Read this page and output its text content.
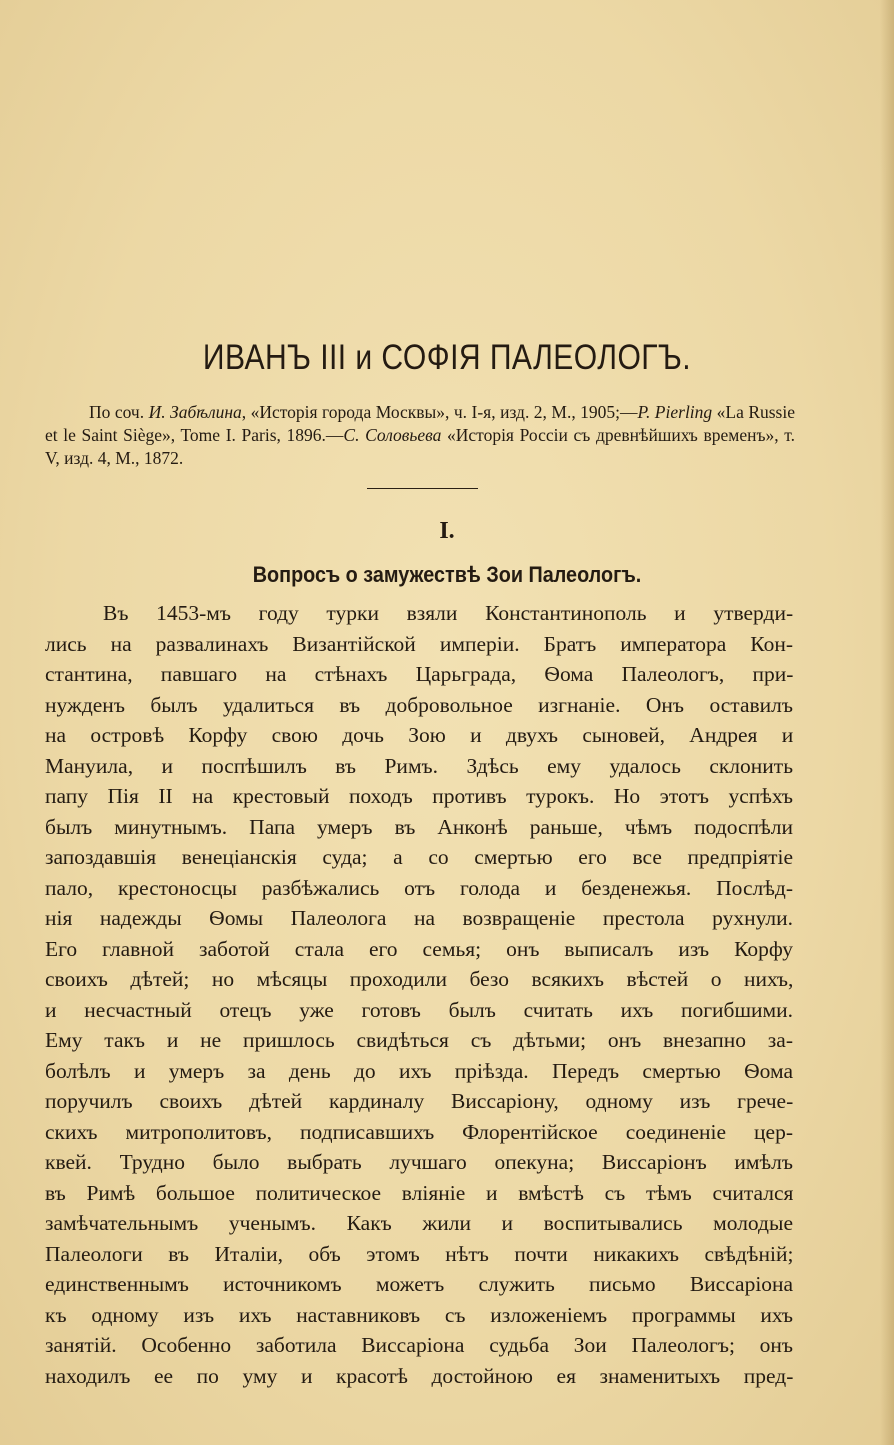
ИВАНЪ III и СОФІЯ ПАЛЕОЛОГЪ.

По соч. И. Забѣлина, «Исторія города Москвы», ч. I-я, изд. 2, М., 1905;—P. Pierling «La Russie et le Saint Siège», Tome I. Paris, 1896.—С. Соловьева «Исторія Россіи съ древнѣйшихъ временъ», т. V, изд. 4, М., 1872.

I.
Вопросъ о замужествѣ Зои Палеологъ.
Въ 1453-мъ году турки взяли Константинополь и утверди-
лись на развалинахъ Византійской имперіи. Братъ императора Кон-
стантина, павшаго на стѣнахъ Царьграда, Ѳома Палеологъ, при-
нужденъ былъ удалиться въ добровольное изгнаніе. Онъ оставилъ
на островѣ Корфу свою дочь Зою и двухъ сыновей, Андрея и
Мануила, и поспѣшилъ въ Римъ. Здѣсь ему удалось склонить
папу Пія II на крестовый походъ противъ турокъ. Но этотъ успѣхъ
былъ минутнымъ. Папа умеръ въ Анконѣ раньше, чѣмъ подоспѣли
запоздавшія венеціанскія суда; а со смертью его все предпріятіе
пало, крестоносцы разбѣжались отъ голода и безденежья. Послѣд-
нія надежды Ѳомы Палеолога на возвращеніе престола рухнули.
Его главной заботой стала его семья; онъ выписалъ изъ Корфу
своихъ дѣтей; но мѣсяцы проходили безо всякихъ вѣстей о нихъ,
и несчастный отецъ уже готовъ былъ считать ихъ погибшими.
Ему такъ и не пришлось свидѣться съ дѣтьми; онъ внезапно за-
болѣлъ и умеръ за день до ихъ пріѣзда. Передъ смертью Ѳома
поручилъ своихъ дѣтей кардиналу Виссаріону, одному изъ грече-
скихъ митрополитовъ, подписавшихъ Флорентійское соединеніе цер-
квей. Трудно было выбрать лучшаго опекуна; Виссаріонъ имѣлъ
въ Римѣ большое политическое вліяніе и вмѣстѣ съ тѣмъ считался
замѣчательнымъ ученымъ. Какъ жили и воспитывались молодые
Палеологи въ Италіи, объ этомъ нѣтъ почти никакихъ свѣдѣній;
единственнымъ источникомъ можетъ служить письмо Виссаріона
къ одному изъ ихъ наставниковъ съ изложеніемъ программы ихъ
занятій. Особенно заботила Виссаріона судьба Зои Палеологъ; онъ
находилъ ее по уму и красотѣ достойною ея знаменитыхъ пред-
